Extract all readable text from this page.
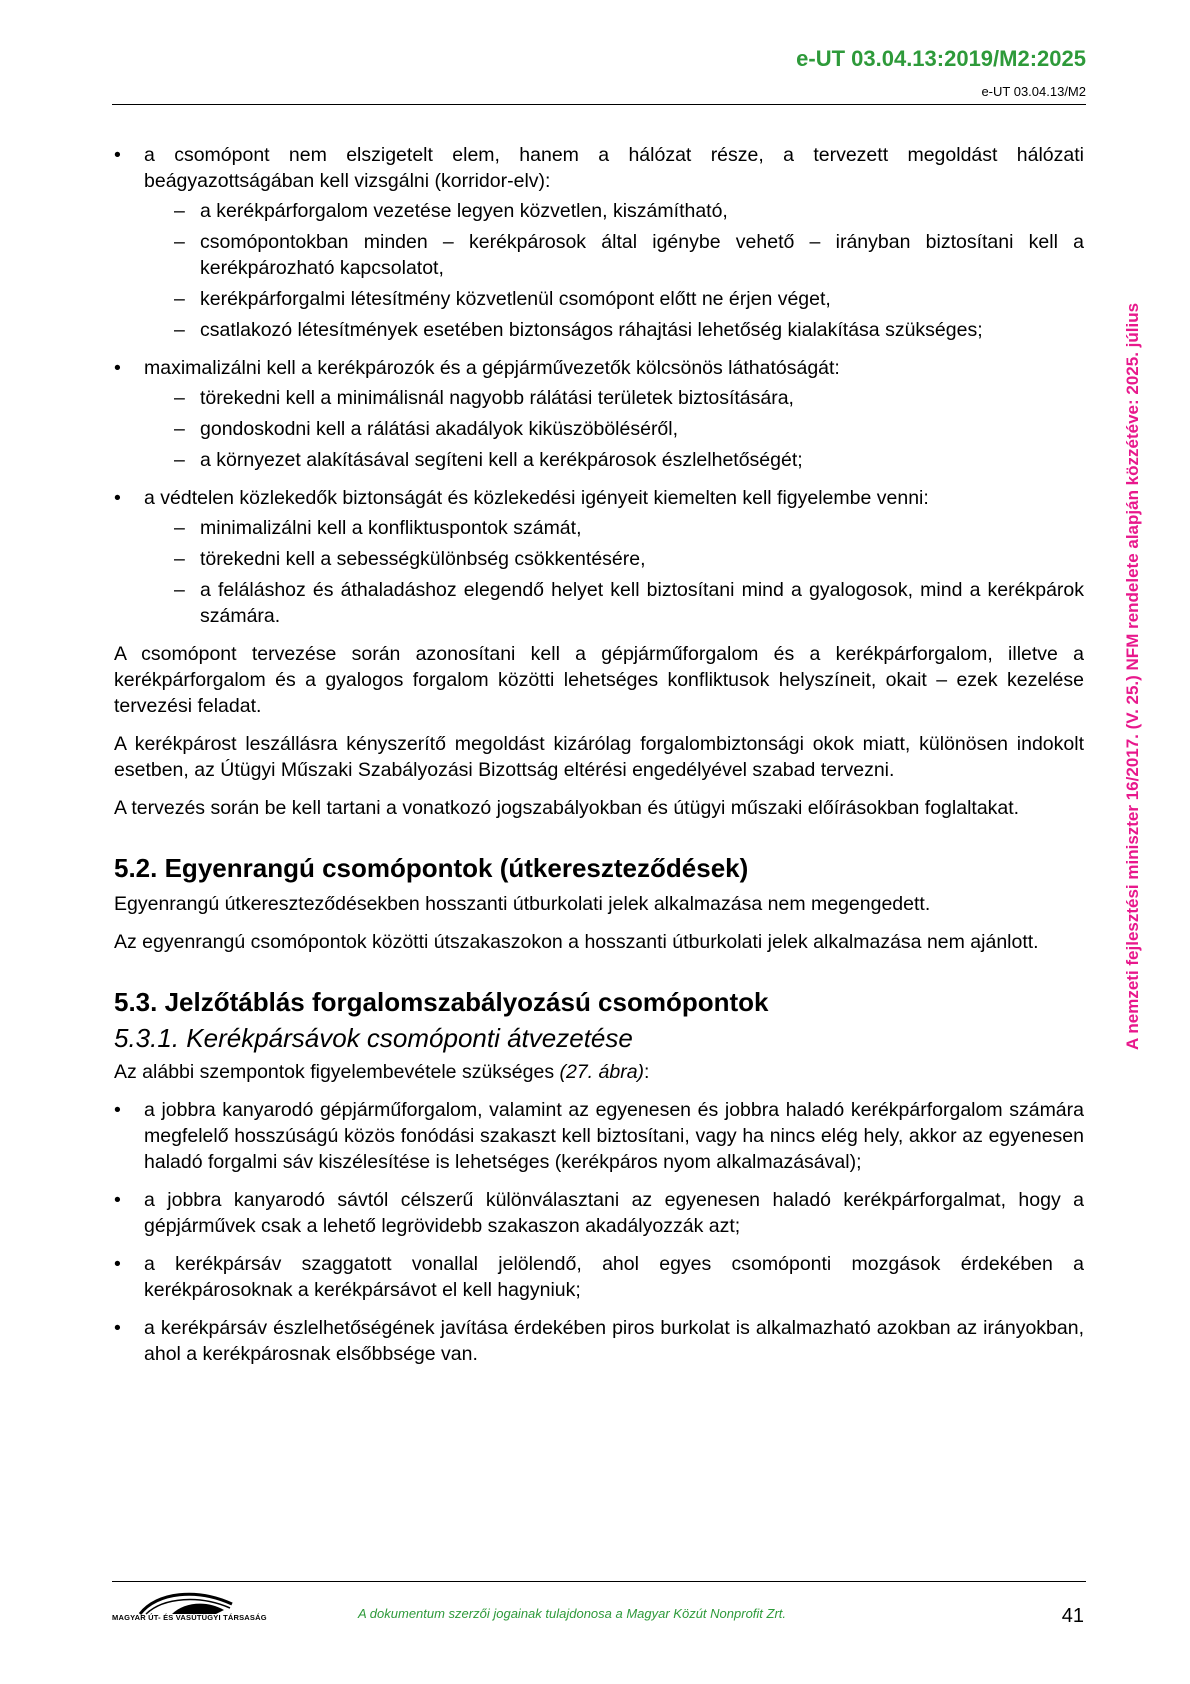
e-UT 03.04.13:2019/M2:2025
e-UT 03.04.13/M2
A nemzeti fejlesztési miniszter 16/2017. (V. 25.) NFM rendelete alapján közzétéve: 2025. július
• a csomópont nem elszigetelt elem, hanem a hálózat része, a tervezett megoldást hálózati beágyazottságában kell vizsgálni (korridor-elv):
– a kerékpárforgalom vezetése legyen közvetlen, kiszámítható,
– csomópontokban minden – kerékpárosok által igénybe vehető – irányban biztosítani kell a kerékpározható kapcsolatot,
– kerékpárforgalmi létesítmény közvetlenül csomópont előtt ne érjen véget,
– csatlakozó létesítmények esetében biztonságos ráhajtási lehetőség kialakítása szükséges;
• maximalizálni kell a kerékpározók és a gépjárművezetők kölcsönös láthatóságát:
– törekedni kell a minimálisnál nagyobb rálátási területek biztosítására,
– gondoskodni kell a rálátási akadályok kiküszöböléséről,
– a környezet alakításával segíteni kell a kerékpárosok észlelhetőségét;
• a védtelen közlekedők biztonságát és közlekedési igényeit kiemelten kell figyelembe venni:
– minimalizálni kell a konfliktuspontok számát,
– törekedni kell a sebességkülönbség csökkentésére,
– a feláláshoz és áthaladáshoz elegendő helyet kell biztosítani mind a gyalogosok, mind a kerékpárok számára.

A csomópont tervezése során azonosítani kell a gépjárműforgalom és a kerékpárforgalom, illetve a kerékpárforgalom és a gyalogos forgalom közötti lehetséges konfliktusok helyszíneit, okait – ezek kezelése tervezési feladat.

A kerékpárost leszállásra kényszerítő megoldást kizárólag forgalombiztonsági okok miatt, különösen indokolt esetben, az Útügyi Műszaki Szabályozási Bizottság eltérési engedélyével szabad tervezni.

A tervezés során be kell tartani a vonatkozó jogszabályokban és útügyi műszaki előírásokban foglaltakat.

5.2. Egyenrangú csomópontok (útkereszteződések)

Egyenrangú útkereszteződésekben hosszanti útburkolati jelek alkalmazása nem megengedett.

Az egyenrangú csomópontok közötti útszakaszokon a hosszanti útburkolati jelek alkalmazása nem ajánlott.

5.3. Jelzőtáblás forgalomszabályozású csomópontok
5.3.1. Kerékpársávok csomóponti átvezetése

Az alábbi szempontok figyelembevétele szükséges (27. ábra):

• a jobbra kanyarodó gépjárműforgalom, valamint az egyenesen és jobbra haladó kerékpárforgalom számára megfelelő hosszúságú közös fonódási szakaszt kell biztosítani, vagy ha nincs elég hely, akkor az egyenesen haladó forgalmi sáv kiszélesítése is lehetséges (kerékpáros nyom alkalmazásával);
• a jobbra kanyarodó sávtól célszerű különválasztani az egyenesen haladó kerékpárforgalmat, hogy a gépjárművek csak a lehető legrövidebb szakaszon akadályozzák azt;
• a kerékpársáv szaggatott vonallal jelölendő, ahol egyes csomóponti mozgások érdekében a kerékpárosoknak a kerékpársávot el kell hagyniuk;
• a kerékpársáv észlelhetőségének javítása érdekében piros burkolat is alkalmazható azokban az irányokban, ahol a kerékpárosnak elsőbbsége van.
MAGYAR ÚT- ÉS VASÚTÜGYI TÁRSASÁG	A dokumentum szerzői jogainak tulajdonosa a Magyar Közút Nonprofit Zrt.	41
